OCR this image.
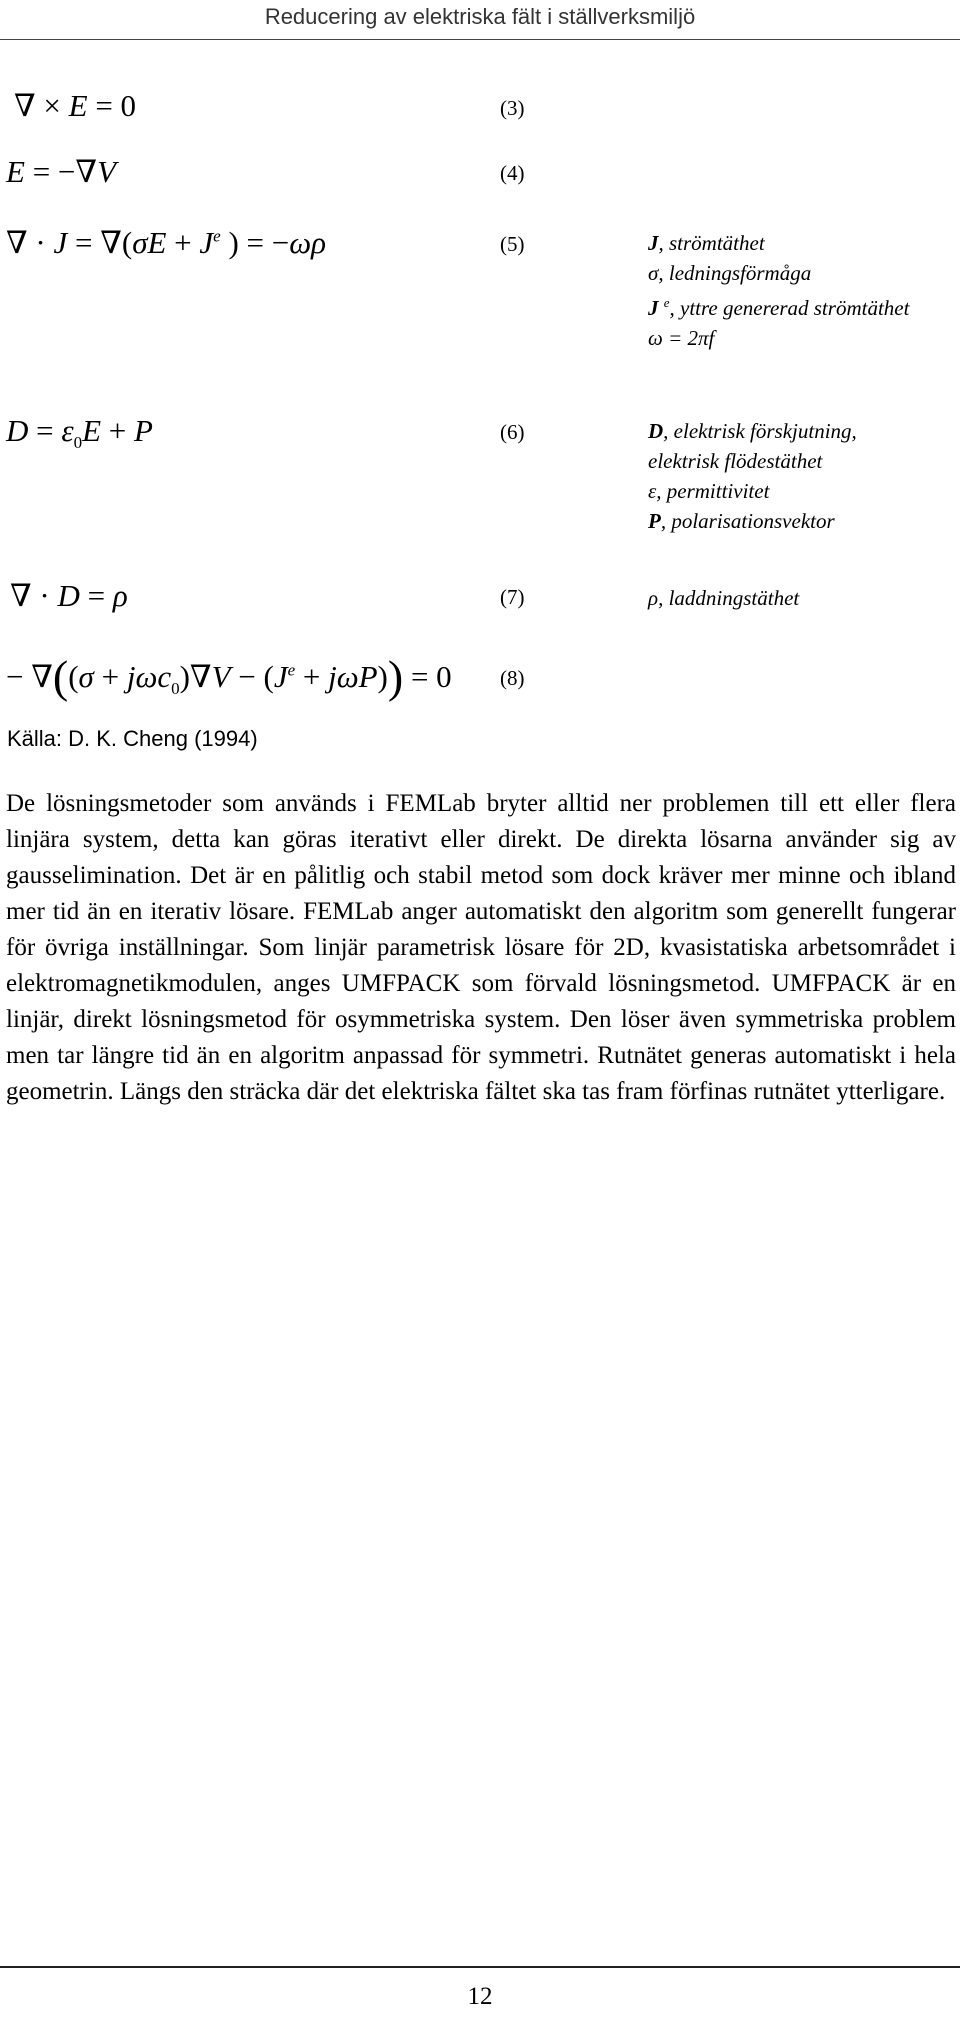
Reducering av elektriska fält i ställverksmiljö
∇ × E = 0	(3)
E = −∇V	(4)
∇ · $J = \nabla(\sigma E + J^e$ ) = −ωρ	(5)	J, strömtäthet
σ, ledningsförmåga
J $^e$, yttre genererad strömtäthet
ω = 2πf
$D = \varepsilon_0E + P$	(6)	D, elektrisk förskjutning, elektrisk flödestäthet
ε, permittivitet
P, polarisationsvektor
∇ · D = ρ	(7)	ρ, laddningstäthet
− $\nabla((\sigma + j\omega c_0)\nabla V - (J^e + j\omega P)) = 0$ (8)
Källa: D. K. Cheng (1994)

De lösningsmetoder som används i FEMLab bryter alltid ner problemen till ett eller flera linjära system, detta kan göras iterativt eller direkt. De direkta lösarna använder sig av gausselimination. Det är en pålitlig och stabil metod som dock kräver mer minne och ibland mer tid än en iterativ lösare. FEMLab anger automatiskt den algoritm som generellt fungerar för övriga inställningar. Som linjär parametrisk lösare för 2D, kvasistatiska arbetsområdet i elektromagnetikmodulen, anges UMFPACK som förvald lösningsmetod. UMFPACK är en linjär, direkt lösningsmetod för osymmetriska system. Den löser även symmetriska problem men tar längre tid än en algoritm anpassad för symmetri. Rutnätet generas automatiskt i hela geometrin. Längs den sträcka där det elektriska fältet ska tas fram förfinas rutnätet ytterligare.

12
